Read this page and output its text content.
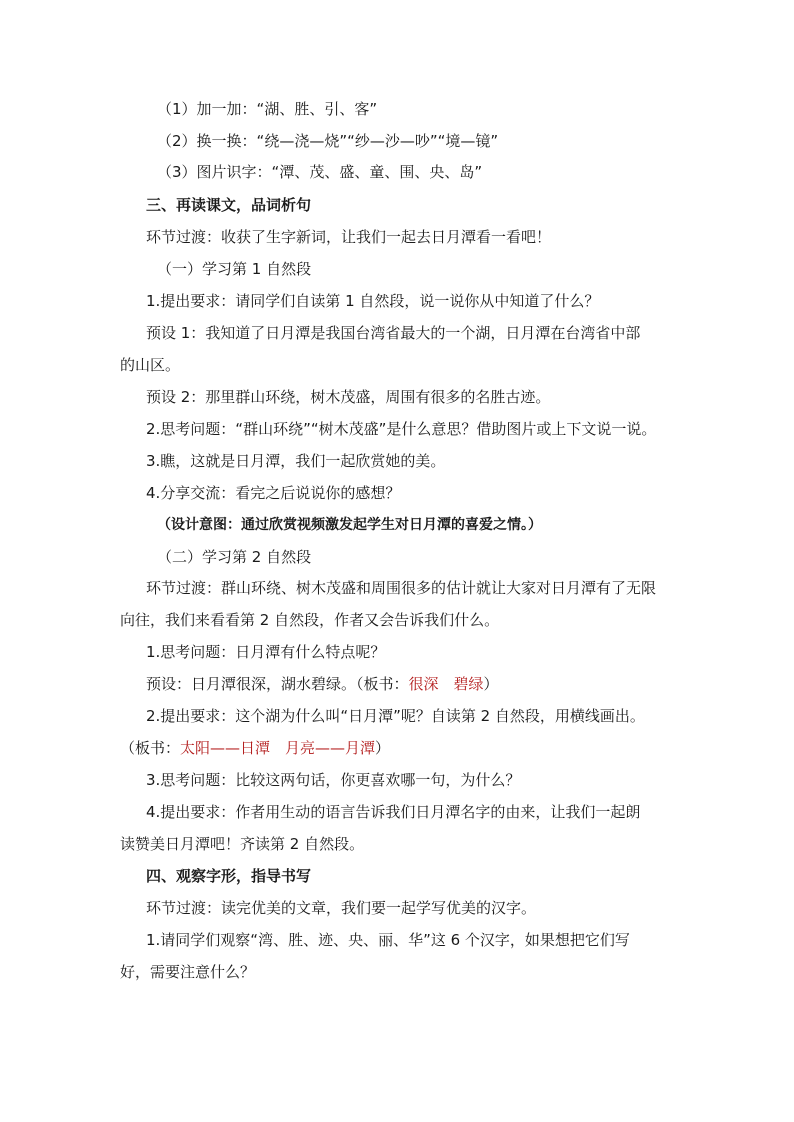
（1）加一加：“湖、胜、引、客”
（2）换一换：“绕—浇—烧”“纱—沙—吵”“境—镜”
（3）图片识字：“潭、茂、盛、童、围、央、岛”
三、再读课文，品词析句
环节过渡：收获了生字新词，让我们一起去日月潭看一看吧！
（一）学习第 1 自然段
1.提出要求：请同学们自读第 1 自然段，说一说你从中知道了什么？
预设 1：我知道了日月潭是我国台湾省最大的一个湖，日月潭在台湾省中部
的山区。
预设 2：那里群山环绕，树木茂盛，周围有很多的名胜古迹。
2.思考问题：“群山环绕”“树木茂盛”是什么意思？借助图片或上下文说一说。
3.瞧，这就是日月潭，我们一起欣赏她的美。
4.分享交流：看完之后说说你的感想？
（设计意图：通过欣赏视频激发起学生对日月潭的喜爱之情。）
（二）学习第 2 自然段
环节过渡：群山环绕、树木茂盛和周围很多的估计就让大家对日月潭有了无限
向往，我们来看看第 2 自然段，作者又会告诉我们什么。
1.思考问题：日月潭有什么特点呢？
预设：日月潭很深，湖水碧绿。（板书：很深　碧绿）
2.提出要求：这个湖为什么叫“日月潭”呢？自读第 2 自然段，用横线画出。
（板书：太阳——日潭　月亮——月潭）
3.思考问题：比较这两句话，你更喜欢哪一句，为什么？
4.提出要求：作者用生动的语言告诉我们日月潭名字的由来，让我们一起朗
读赞美日月潭吧！齐读第 2 自然段。
四、观察字形，指导书写
环节过渡：读完优美的文章，我们要一起学写优美的汉字。
1.请同学们观察“湾、胜、迹、央、丽、华”这 6 个汉字，如果想把它们写
好，需要注意什么？
